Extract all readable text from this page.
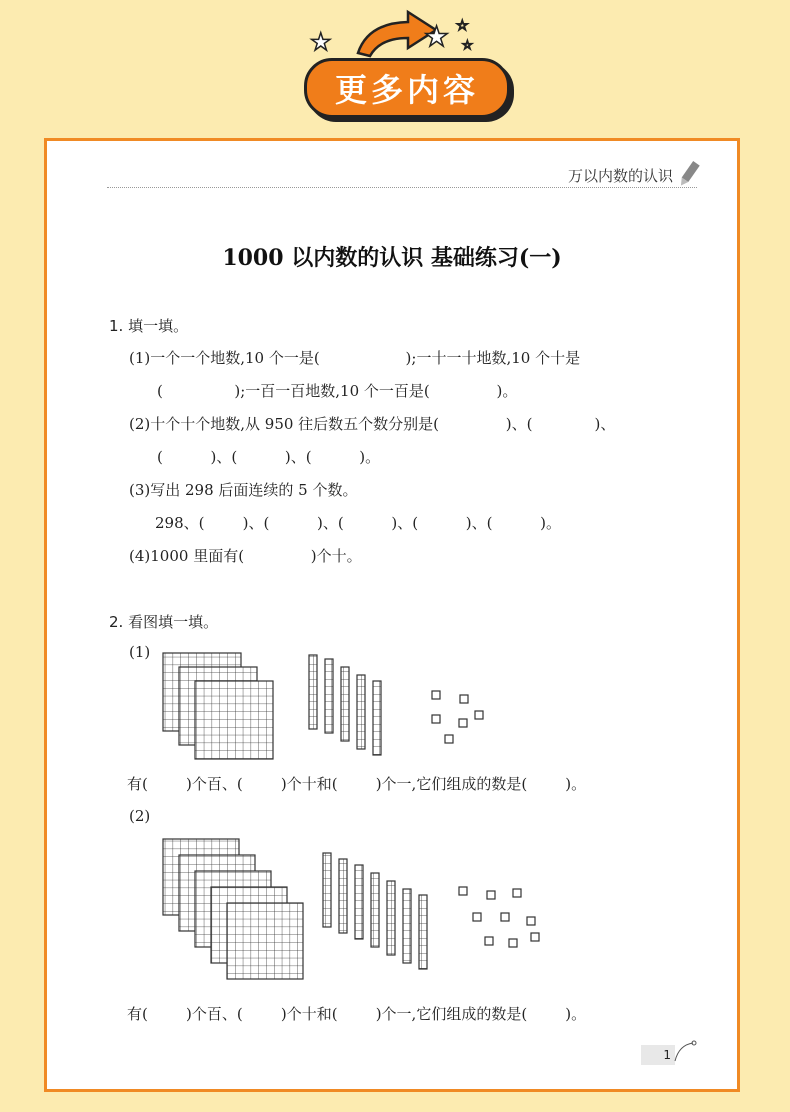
★	★ ☆
☆
更多内容
万以内数的认识
1000 以内数的认识 基础练习(一)
1. 填一填。
(1)一个一个地数,10 个一是(                  );一十一十地数,10 个十是
(               );一百一百地数,10 个一百是(              )。
(2)十个十个地数,从 950 往后数五个数分别是(              )、(             )、
(          )、(          )、(          )。
(3)写出 298 后面连续的 5 个数。
298、(        )、(          )、(          )、(          )、(          )。
(4)1000 里面有(              )个十。
2. 看图填一填。
(1)
有(        )个百、(        )个十和(        )个一,它们组成的数是(        )。
(2)
有(        )个百、(        )个十和(        )个一,它们组成的数是(        )。
1
